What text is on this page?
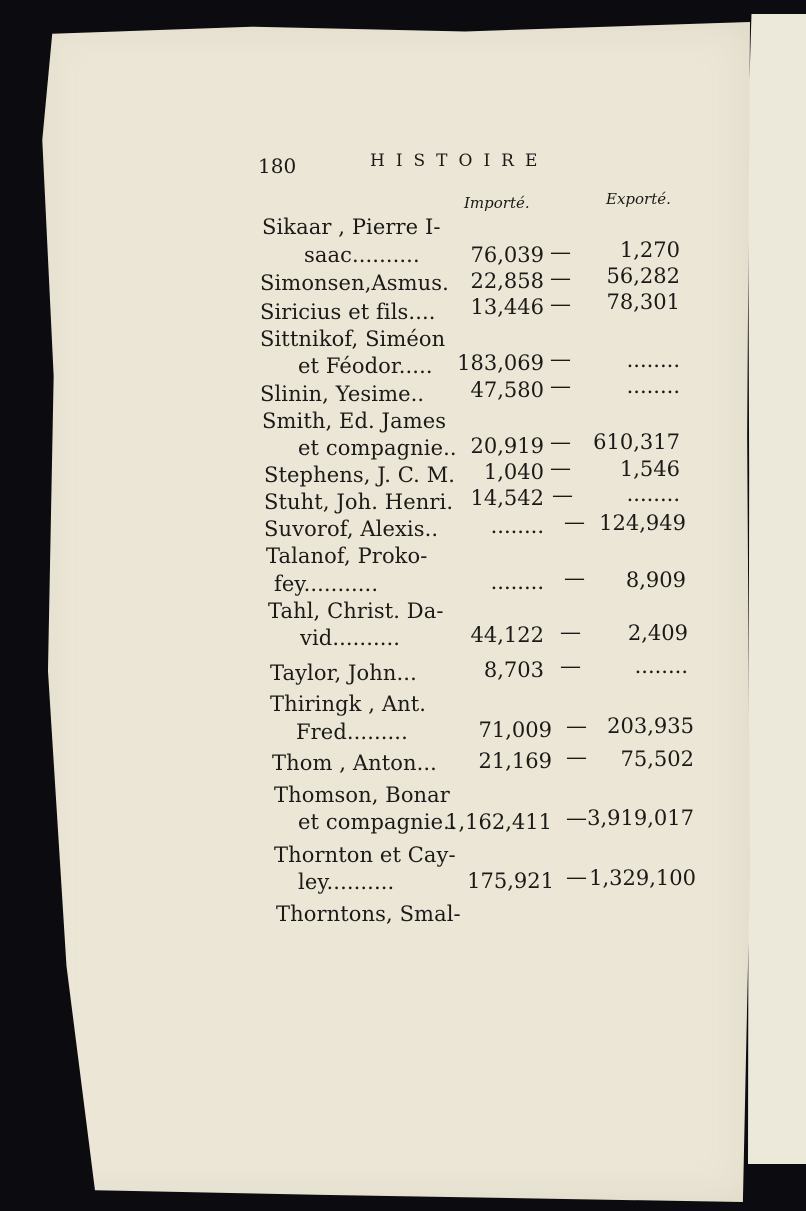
180	HISTOIRE
Importé.	Exporté.
Sikaar , Pierre I-
saac.......... 76,039 — 1,270
Simonsen,Asmus. 22,858 — 56,282
Siricius et fils.... 13,446 — 78,301
Sittnikof, Siméon
et Féodor..... 183,069 —	........
Slinin, Yesime.. 47,580 —	........
Smith, Ed. James
et compagnie.. 20,919 — 610,317
Stephens, J. C. M. 1,040 — 1,546
Stuht, Joh. Henri. 14,542 —	........
Suvorof, Alexis.. ........ — 124,949
Talanof, Proko-
fey...........	........ — 8,909
Tahl, Christ. Da-
vid..........	44,122 — 2,409
Taylor, John...	8,703 —	........
Thiringk , Ant.
Fred.........	71,009 — 203,935
Thom , Anton... 21,169 — 75,502
Thomson, Bonar
et compagnie..
1,162,411 — 3,919,017
Thornton et Cay-
ley..........	175,921 — 1,329,100
Thorntons, Smal-
